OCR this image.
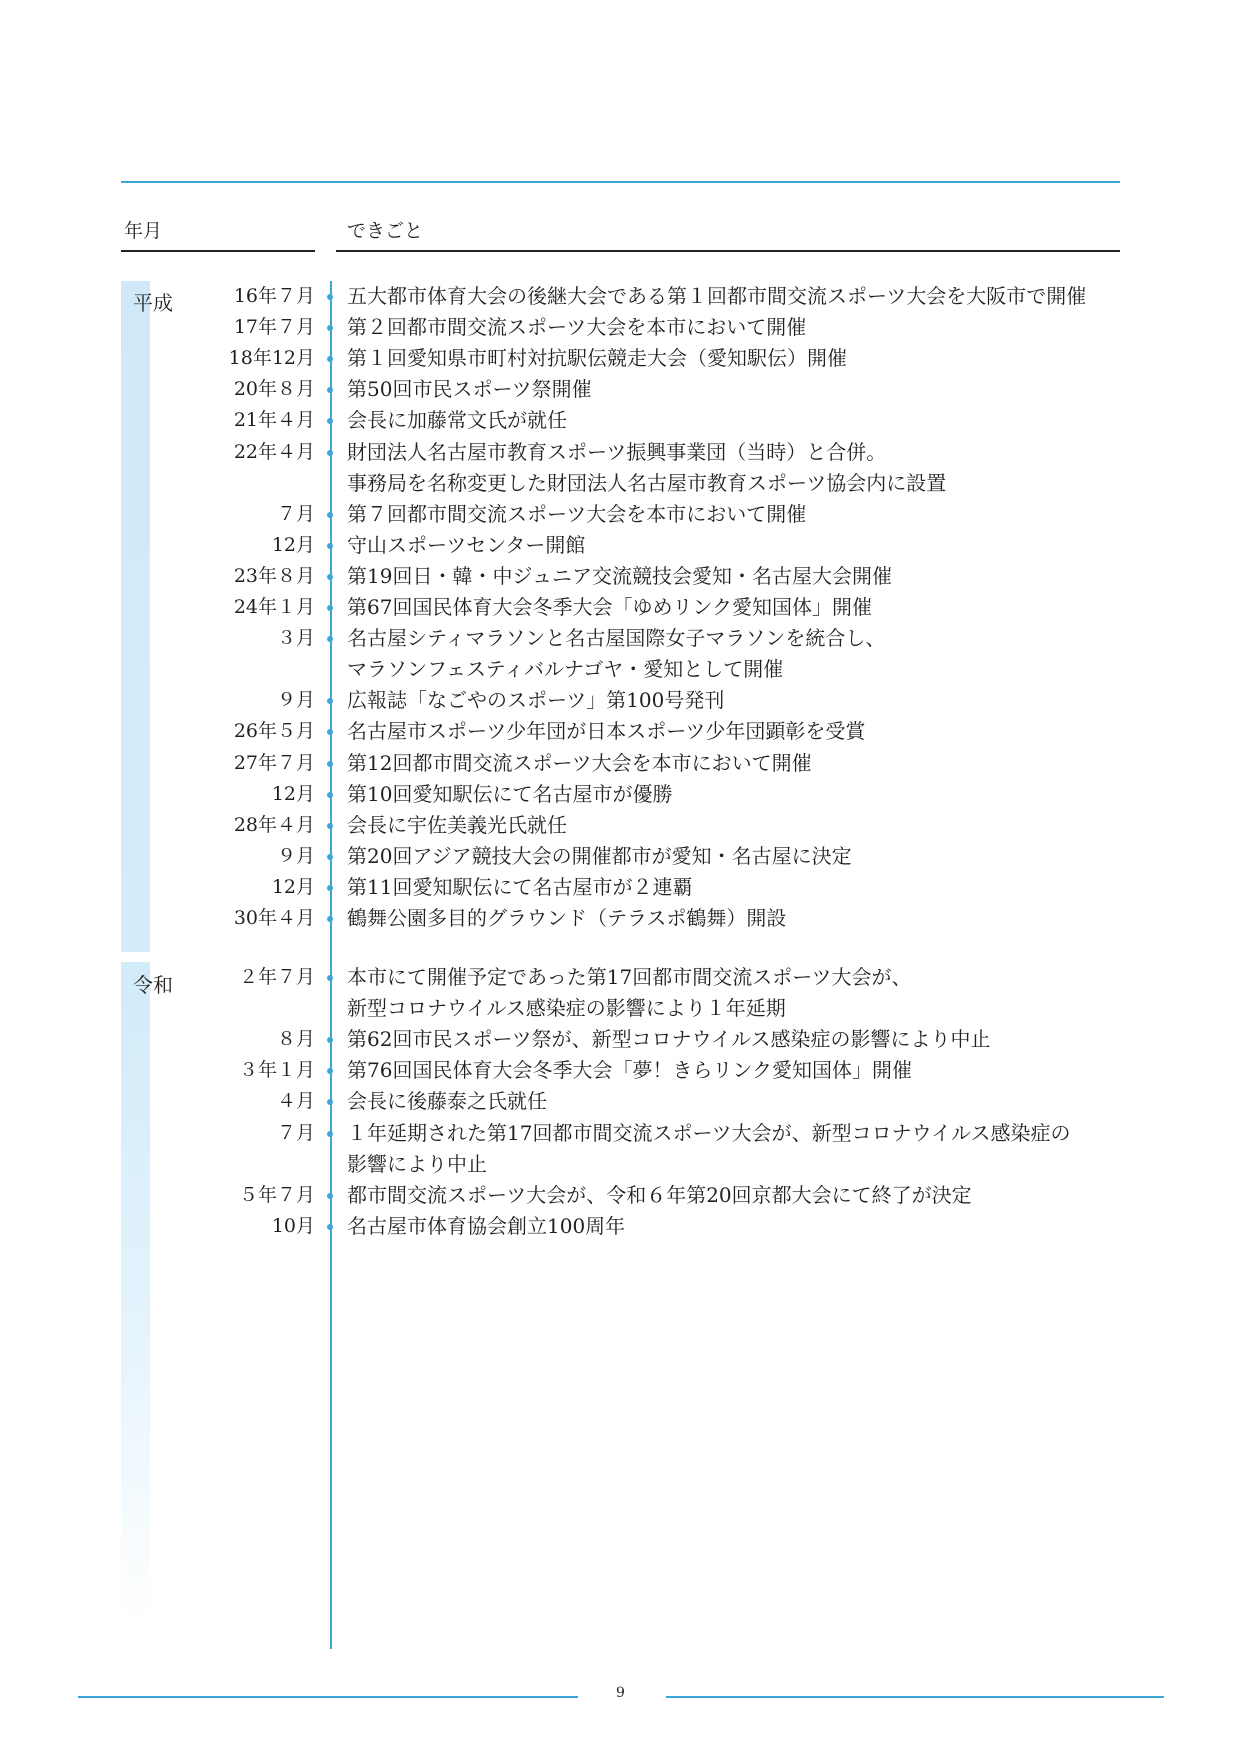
年月	できごと
平成
令和
16年７月 五大都市体育大会の後継大会である第１回都市間交流スポーツ大会を大阪市で開催
17年７月 第２回都市間交流スポーツ大会を本市において開催
18年12月 第１回愛知県市町村対抗駅伝競走大会（愛知駅伝）開催
20年８月 第50回市民スポーツ祭開催
21年４月 会長に加藤常文氏が就任
22年４月 財団法人名古屋市教育スポーツ振興事業団（当時）と合併。
事務局を名称変更した財団法人名古屋市教育スポーツ協会内に設置
７月 第７回都市間交流スポーツ大会を本市において開催
12月 守山スポーツセンター開館
23年８月 第19回日・韓・中ジュニア交流競技会愛知・名古屋大会開催
24年１月 第67回国民体育大会冬季大会「ゆめリンク愛知国体」開催
３月 名古屋シティマラソンと名古屋国際女子マラソンを統合し、
マラソンフェスティバルナゴヤ・愛知として開催
９月 広報誌「なごやのスポーツ」第100号発刊
26年５月 名古屋市スポーツ少年団が日本スポーツ少年団顕彰を受賞
27年７月 第12回都市間交流スポーツ大会を本市において開催
12月 第10回愛知駅伝にて名古屋市が優勝
28年４月 会長に宇佐美義光氏就任
９月 第20回アジア競技大会の開催都市が愛知・名古屋に決定
12月 第11回愛知駅伝にて名古屋市が２連覇
30年４月 鶴舞公園多目的グラウンド（テラスポ鶴舞）開設
２年７月 本市にて開催予定であった第17回都市間交流スポーツ大会が、
新型コロナウイルス感染症の影響により１年延期
８月 第62回市民スポーツ祭が、新型コロナウイルス感染症の影響により中止
３年１月 第76回国民体育大会冬季大会「夢！きらリンク愛知国体」開催
４月 会長に後藤泰之氏就任
７月 １年延期された第17回都市間交流スポーツ大会が、新型コロナウイルス感染症の
影響により中止
５年７月 都市間交流スポーツ大会が、令和６年第20回京都大会にて終了が決定
10月 名古屋市体育協会創立100周年
9
